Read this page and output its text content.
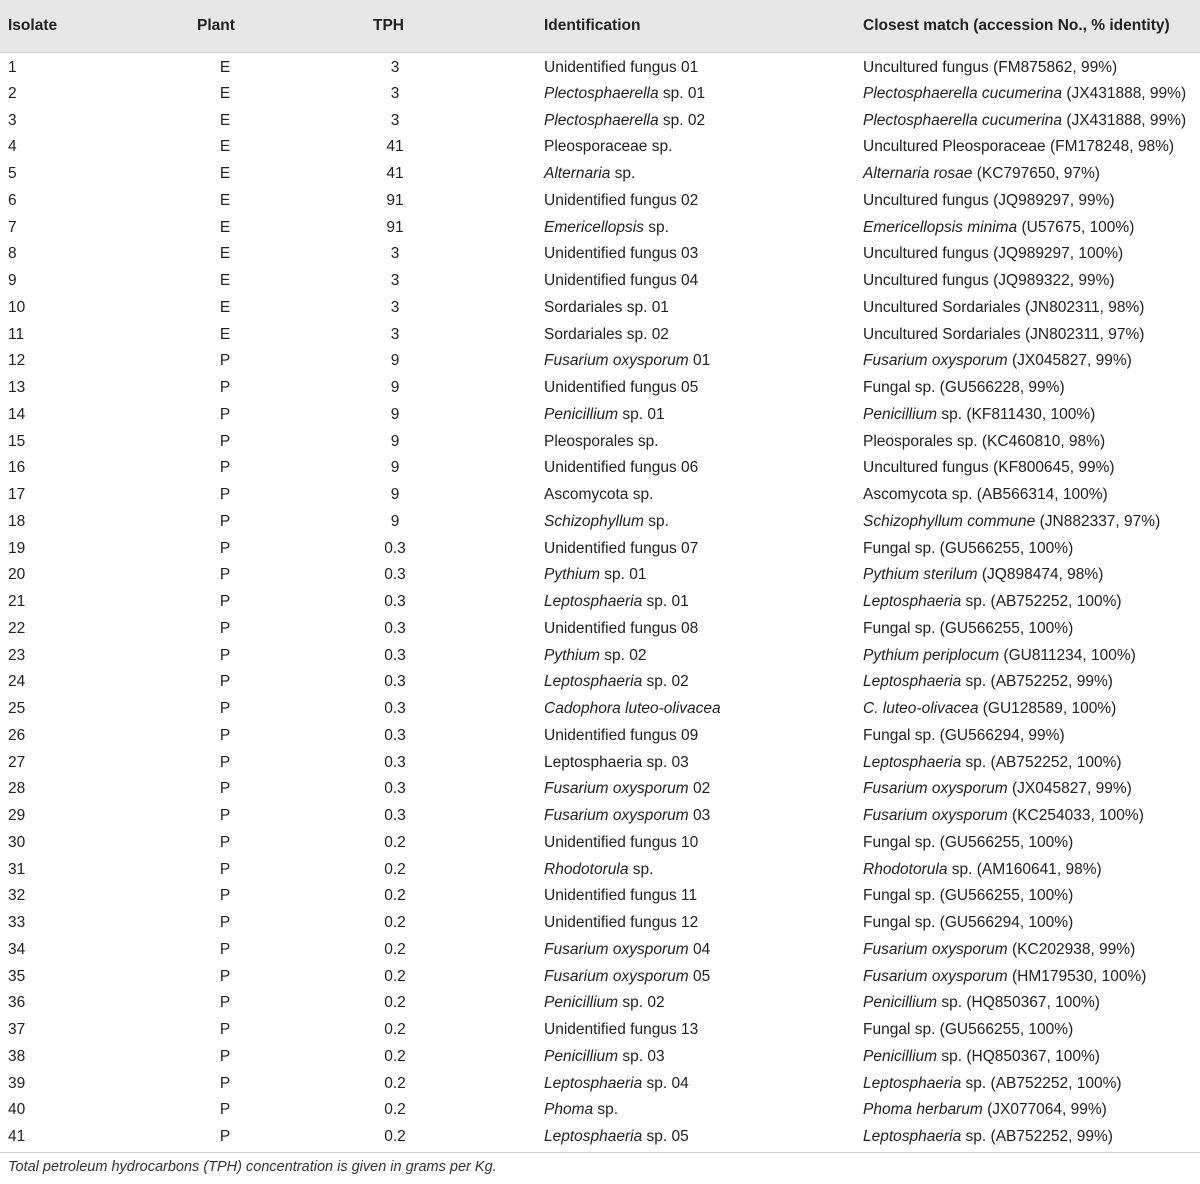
Isolate	Plant	TPH	Identification	Closest match (accession No., % identity)
1	E	3	Unidentified fungus 01	Uncultured fungus (FM875862, 99%)
2	E	3	Plectosphaerella sp. 01	Plectosphaerella cucumerina (JX431888, 99%)
3	E	3	Plectosphaerella sp. 02	Plectosphaerella cucumerina (JX431888, 99%)
4	E	41	Pleosporaceae sp.	Uncultured Pleosporaceae (FM178248, 98%)
5	E	41	Alternaria sp.	Alternaria rosae (KC797650, 97%)
6	E	91	Unidentified fungus 02	Uncultured fungus (JQ989297, 99%)
7	E	91	Emericellopsis sp.	Emericellopsis minima (U57675, 100%)
8	E	3	Unidentified fungus 03	Uncultured fungus (JQ989297, 100%)
9	E	3	Unidentified fungus 04	Uncultured fungus (JQ989322, 99%)
10	E	3	Sordariales sp. 01	Uncultured Sordariales (JN802311, 98%)
11	E	3	Sordariales sp. 02	Uncultured Sordariales (JN802311, 97%)
12	P	9	Fusarium oxysporum 01	Fusarium oxysporum (JX045827, 99%)
13	P	9	Unidentified fungus 05	Fungal sp. (GU566228, 99%)
14	P	9	Penicillium sp. 01	Penicillium sp. (KF811430, 100%)
15	P	9	Pleosporales sp.	Pleosporales sp. (KC460810, 98%)
16	P	9	Unidentified fungus 06	Uncultured fungus (KF800645, 99%)
17	P	9	Ascomycota sp.	Ascomycota sp. (AB566314, 100%)
18	P	9	Schizophyllum sp.	Schizophyllum commune (JN882337, 97%)
19	P	0.3	Unidentified fungus 07	Fungal sp. (GU566255, 100%)
20	P	0.3	Pythium sp. 01	Pythium sterilum (JQ898474, 98%)
21	P	0.3	Leptosphaeria sp. 01	Leptosphaeria sp. (AB752252, 100%)
22	P	0.3	Unidentified fungus 08	Fungal sp. (GU566255, 100%)
23	P	0.3	Pythium sp. 02	Pythium periplocum (GU811234, 100%)
24	P	0.3	Leptosphaeria sp. 02	Leptosphaeria sp. (AB752252, 99%)
25	P	0.3	Cadophora luteo-olivacea	C. luteo-olivacea (GU128589, 100%)
26	P	0.3	Unidentified fungus 09	Fungal sp. (GU566294, 99%)
27	P	0.3	Leptosphaeria sp. 03	Leptosphaeria sp. (AB752252, 100%)
28	P	0.3	Fusarium oxysporum 02	Fusarium oxysporum (JX045827, 99%)
29	P	0.3	Fusarium oxysporum 03	Fusarium oxysporum (KC254033, 100%)
30	P	0.2	Unidentified fungus 10	Fungal sp. (GU566255, 100%)
31	P	0.2	Rhodotorula sp.	Rhodotorula sp. (AM160641, 98%)
32	P	0.2	Unidentified fungus 11	Fungal sp. (GU566255, 100%)
33	P	0.2	Unidentified fungus 12	Fungal sp. (GU566294, 100%)
34	P	0.2	Fusarium oxysporum 04	Fusarium oxysporum (KC202938, 99%)
35	P	0.2	Fusarium oxysporum 05	Fusarium oxysporum (HM179530, 100%)
36	P	0.2	Penicillium sp. 02	Penicillium sp. (HQ850367, 100%)
37	P	0.2	Unidentified fungus 13	Fungal sp. (GU566255, 100%)
38	P	0.2	Penicillium sp. 03	Penicillium sp. (HQ850367, 100%)
39	P	0.2	Leptosphaeria sp. 04	Leptosphaeria sp. (AB752252, 100%)
40	P	0.2	Phoma sp.	Phoma herbarum (JX077064, 99%)
41	P	0.2	Leptosphaeria sp. 05	Leptosphaeria sp. (AB752252, 99%)
Total petroleum hydrocarbons (TPH) concentration is given in grams per Kg.
